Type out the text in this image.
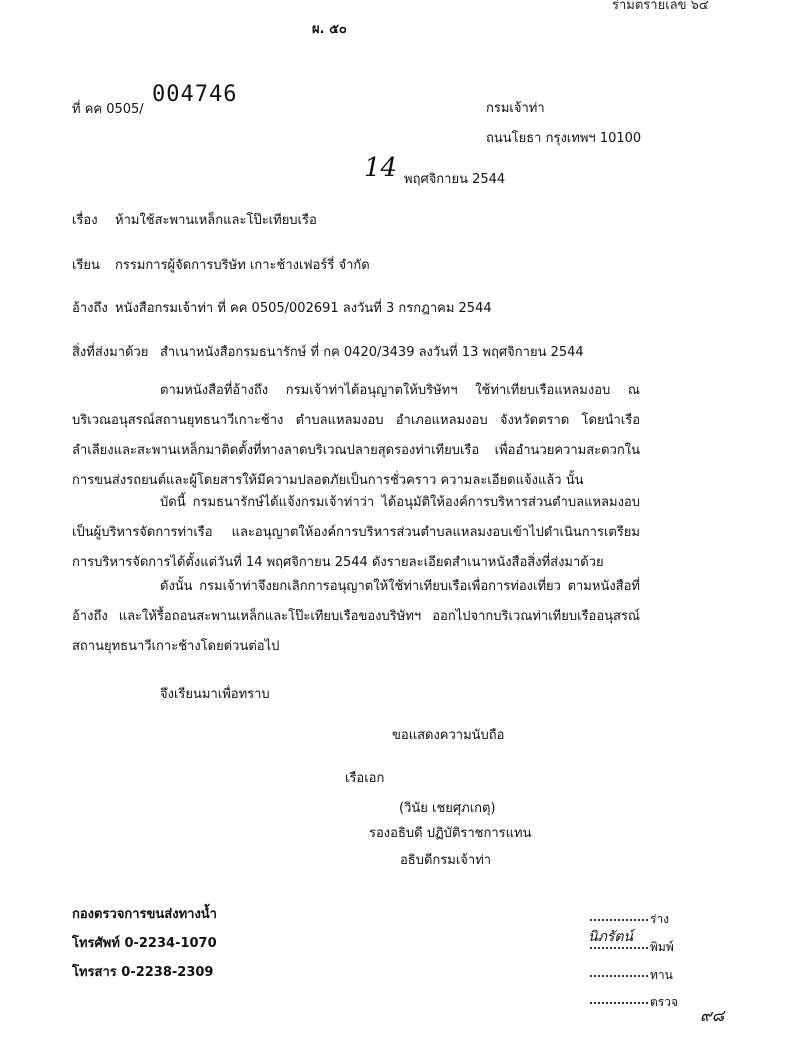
ร่ามตรายเลข ๖๔
ผ. ๕๐
ที่ คค 0505/
004746
กรมเจ้าท่า
ถนนโยธา กรุงเทพฯ 10100
14 พฤศจิกายน 2544
เรื่อง ห้ามใช้สะพานเหล็กและโป๊ะเทียบเรือ
เรียน กรรมการผู้จัดการบริษัท เกาะช้างเฟอร์รี่ จำกัด
อ้างถึง หนังสือกรมเจ้าท่า ที่ คค 0505/002691 ลงวันที่ 3 กรกฎาคม 2544
สิ่งที่ส่งมาด้วย สำเนาหนังสือกรมธนารักษ์ ที่ กค 0420/3439 ลงวันที่ 13 พฤศจิกายน 2544
ตามหนังสือที่อ้างถึง กรมเจ้าท่าได้อนุญาตให้บริษัทฯ ใช้ท่าเทียบเรือแหลมงอบ ณ บริเวณอนุสรณ์สถานยุทธนาวีเกาะช้าง ตำบลแหลมงอบ อำเภอแหลมงอบ จังหวัดตราด โดยนำเรือลำเลียงและสะพานเหล็กมาติดตั้งที่ทางลาดบริเวณปลายสุดรองท่าเทียบเรือ เพื่ออำนวยความสะดวกในการขนส่งรถยนต์และผู้โดยสารให้มีความปลอดภัยเป็นการชั่วคราว ความละเอียดแจ้งแล้ว นั้น
บัดนี้ กรมธนารักษ์ได้แจ้งกรมเจ้าท่าว่า ได้อนุมัติให้องค์การบริหารส่วนตำบลแหลมงอบเป็นผู้บริหารจัดการท่าเรือ และอนุญาตให้องค์การบริหารส่วนตำบลแหลมงอบเข้าไปดำเนินการเตรียมการบริหารจัดการได้ตั้งแต่วันที่ 14 พฤศจิกายน 2544 ดังรายละเอียดสำเนาหนังสือสิ่งที่ส่งมาด้วย
ดังนั้น กรมเจ้าท่าจึงยกเลิกการอนุญาตให้ใช้ท่าเทียบเรือเพื่อการท่องเที่ยว ตามหนังสือที่อ้างถึง และให้รื้อถอนสะพานเหล็กและโป๊ะเทียบเรือของบริษัทฯ ออกไปจากบริเวณท่าเทียบเรืออนุสรณ์สถานยุทธนาวีเกาะช้างโดยด่วนต่อไป
จึงเรียนมาเพื่อทราบ
ขอแสดงความนับถือ
เรือเอก
(วินัย เชยศุภเกตุ)
รองอธิบดี ปฏิบัติราชการแทน
อธิบดีกรมเจ้าท่า
กองตรวจการขนส่งทางน้ำ
โทรศัพท์ 0-2234-1070
โทรสาร 0-2238-2309
ร่าง
พิมพ์
นิภรัตน์
ทาน
ตรวจ
๙๘
